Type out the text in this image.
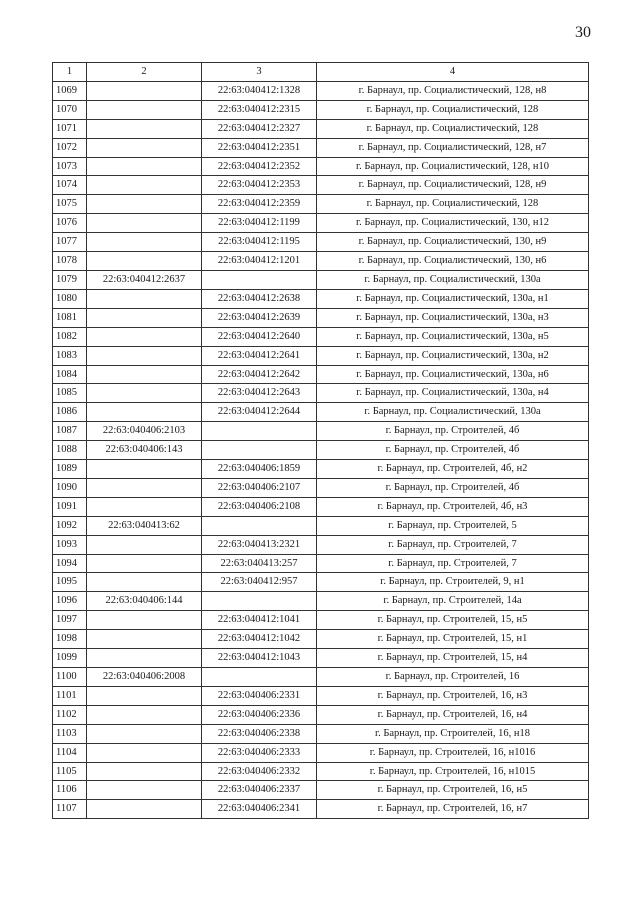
30
1	2	3	4
1069		22:63:040412:1328	г. Барнаул, пр. Социалистический, 128, н8
1070		22:63:040412:2315	г. Барнаул, пр. Социалистический, 128
1071		22:63:040412:2327	г. Барнаул, пр. Социалистический, 128
1072		22:63:040412:2351	г. Барнаул, пр. Социалистический, 128, н7
1073		22:63:040412:2352	г. Барнаул, пр. Социалистический, 128, н10
1074		22:63:040412:2353	г. Барнаул, пр. Социалистический, 128, н9
1075		22:63:040412:2359	г. Барнаул, пр. Социалистический, 128
1076		22:63:040412:1199	г. Барнаул, пр. Социалистический, 130, н12
1077		22:63:040412:1195	г. Барнаул, пр. Социалистический, 130, н9
1078		22:63:040412:1201	г. Барнаул, пр. Социалистический, 130, н6
1079	22:63:040412:2637		г. Барнаул, пр. Социалистический, 130а
1080		22:63:040412:2638	г. Барнаул, пр. Социалистический, 130а, н1
1081		22:63:040412:2639	г. Барнаул, пр. Социалистический, 130а, н3
1082		22:63:040412:2640	г. Барнаул, пр. Социалистический, 130а, н5
1083		22:63:040412:2641	г. Барнаул, пр. Социалистический, 130а, н2
1084		22:63:040412:2642	г. Барнаул, пр. Социалистический, 130а, н6
1085		22:63:040412:2643	г. Барнаул, пр. Социалистический, 130а, н4
1086		22:63:040412:2644	г. Барнаул, пр. Социалистический, 130а
1087	22:63:040406:2103		г. Барнаул, пр. Строителей, 4б
1088	22:63:040406:143		г. Барнаул, пр. Строителей, 4б
1089		22:63:040406:1859	г. Барнаул, пр. Строителей, 4б, н2
1090		22:63:040406:2107	г. Барнаул, пр. Строителей, 4б
1091		22:63:040406:2108	г. Барнаул, пр. Строителей, 4б, н3
1092	22:63:040413:62		г. Барнаул, пр. Строителей, 5
1093		22:63:040413:2321	г. Барнаул, пр. Строителей, 7
1094		22:63:040413:257	г. Барнаул, пр. Строителей, 7
1095		22:63:040412:957	г. Барнаул, пр. Строителей, 9, н1
1096	22:63:040406:144		г. Барнаул, пр. Строителей, 14а
1097		22:63:040412:1041	г. Барнаул, пр. Строителей, 15, н5
1098		22:63:040412:1042	г. Барнаул, пр. Строителей, 15, н1
1099		22:63:040412:1043	г. Барнаул, пр. Строителей, 15, н4
1100	22:63:040406:2008		г. Барнаул, пр. Строителей, 16
1101		22:63:040406:2331	г. Барнаул, пр. Строителей, 16, н3
1102		22:63:040406:2336	г. Барнаул, пр. Строителей, 16, н4
1103		22:63:040406:2338	г. Барнаул, пр. Строителей, 16, н18
1104		22:63:040406:2333	г. Барнаул, пр. Строителей, 16, н1016
1105		22:63:040406:2332	г. Барнаул, пр. Строителей, 16, н1015
1106		22:63:040406:2337	г. Барнаул, пр. Строителей, 16, н5
1107		22:63:040406:2341	г. Барнаул, пр. Строителей, 16, н7
